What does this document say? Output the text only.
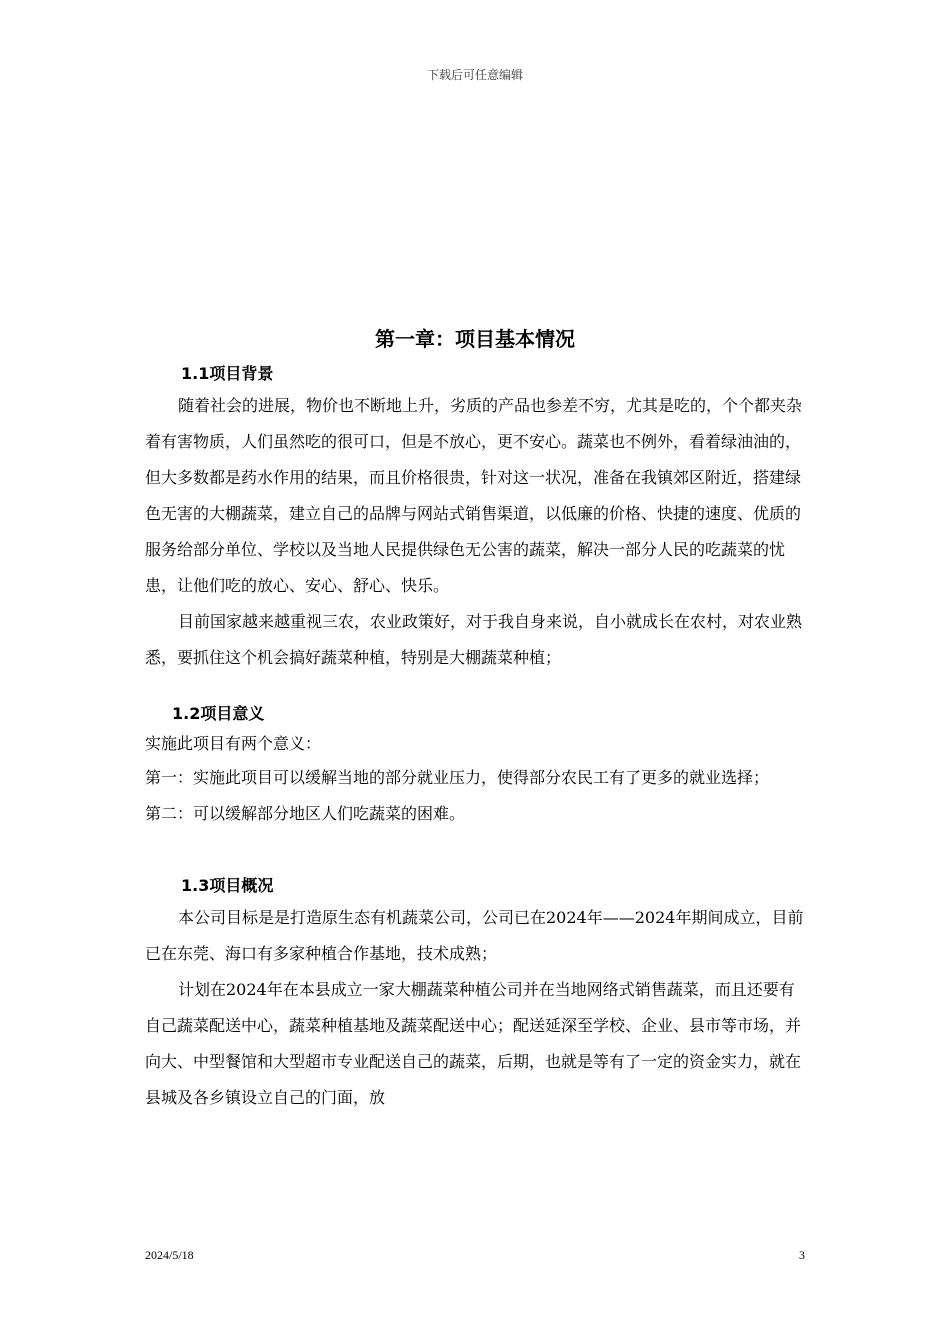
下载后可任意编辑
第一章：项目基本情况
1.1项目背景

随着社会的进展，物价也不断地上升，劣质的产品也参差不穷，尤其是吃的，个个都夹杂着有害物质，人们虽然吃的很可口，但是不放心，更不安心。蔬菜也不例外，看着绿油油的，但大多数都是药水作用的结果，而且价格很贵，针对这一状况，准备在我镇郊区附近，搭建绿色无害的大棚蔬菜，建立自己的品牌与网站式销售渠道，以低廉的价格、快捷的速度、优质的服务给部分单位、学校以及当地人民提供绿色无公害的蔬菜，解决一部分人民的吃蔬菜的忧患，让他们吃的放心、安心、舒心、快乐。

目前国家越来越重视三农，农业政策好，对于我自身来说，自小就成长在农村，对农业熟悉，要抓住这个机会搞好蔬菜种植，特别是大棚蔬菜种植；

1.2项目意义

实施此项目有两个意义：

第一：实施此项目可以缓解当地的部分就业压力，使得部分农民工有了更多的就业选择；

第二：可以缓解部分地区人们吃蔬菜的困难。

1.3项目概况

本公司目标是是打造原生态有机蔬菜公司，公司已在2024年——2024年期间成立，目前已在东莞、海口有多家种植合作基地，技术成熟；

计划在2024年在本县成立一家大棚蔬菜种植公司并在当地网络式销售蔬菜，而且还要有自己蔬菜配送中心，蔬菜种植基地及蔬菜配送中心；配送延深至学校、企业、县市等市场，并向大、中型餐馆和大型超市专业配送自己的蔬菜，后期，也就是等有了一定的资金实力，就在县城及各乡镇设立自己的门面，放

2024/5/18	3
